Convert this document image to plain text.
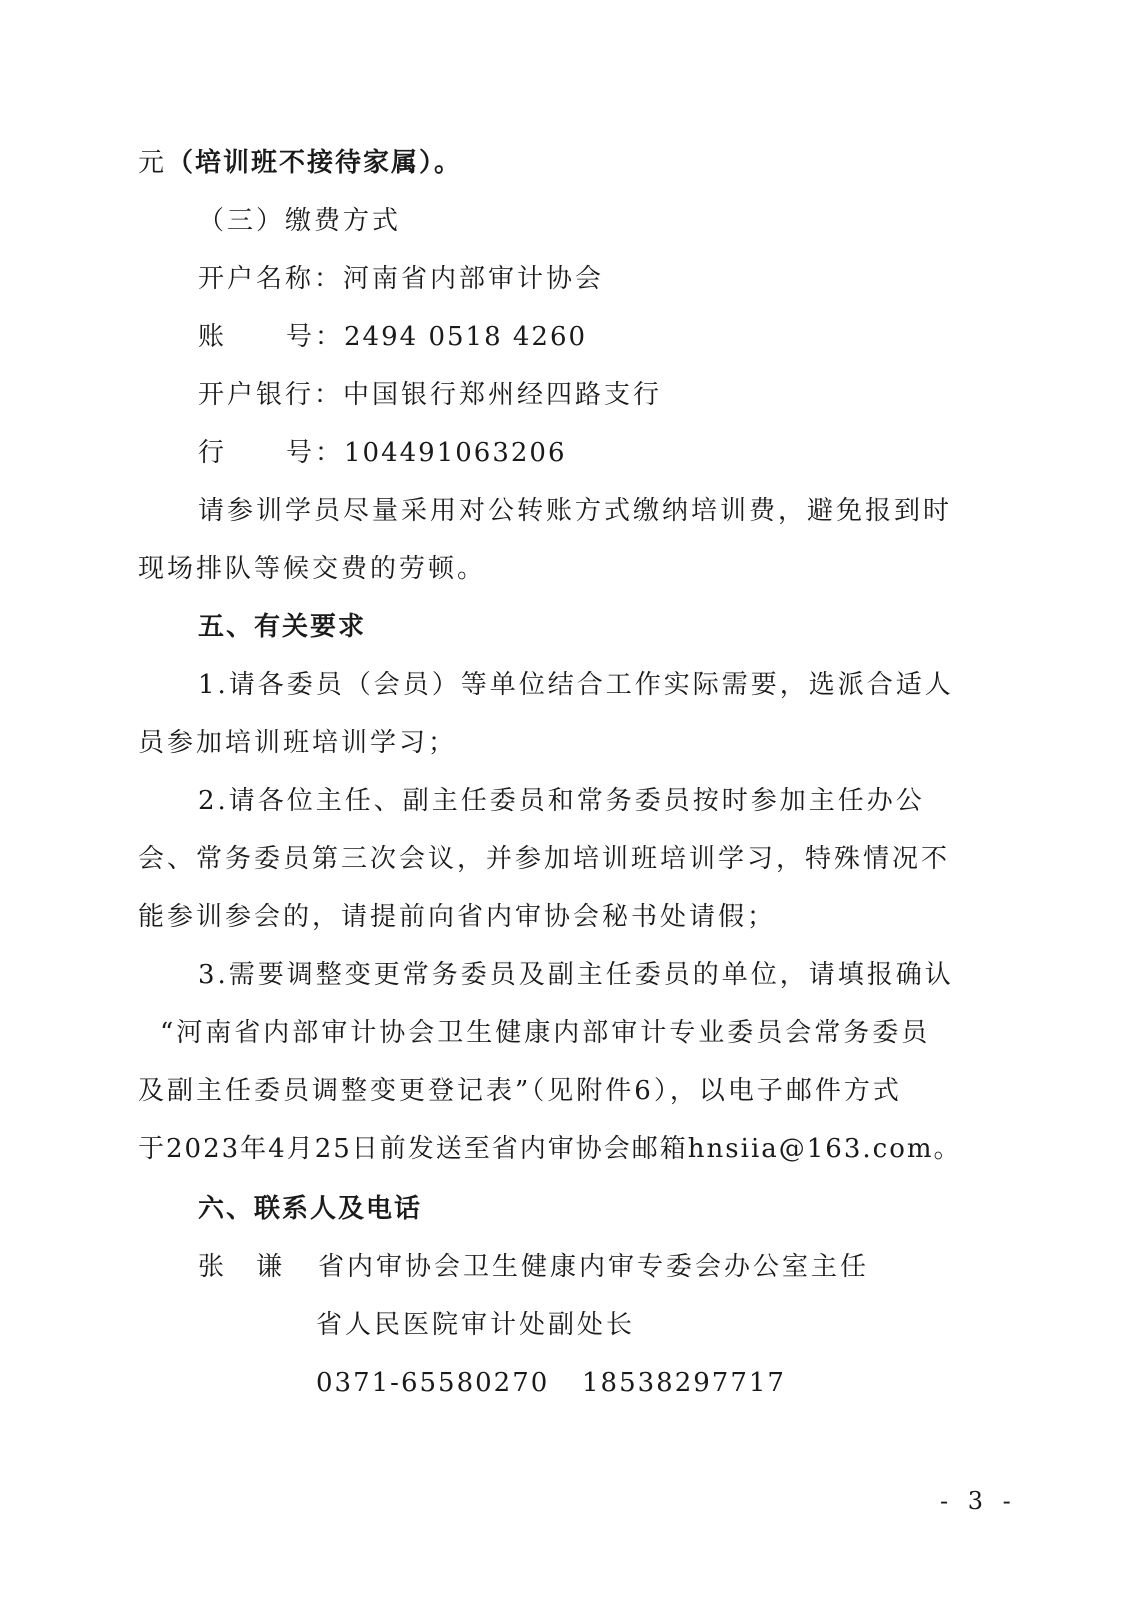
元（培训班不接待家属）。
（三）缴费方式
开户名称：河南省内部审计协会
账 号：2494 0518 4260
开户银行：中国银行郑州经四路支行
行 号：104491063206
请参训学员尽量采用对公转账方式缴纳培训费，避免报到时
现场排队等候交费的劳顿。
五、有关要求
1.请各委员（会员）等单位结合工作实际需要，选派合适人
员参加培训班培训学习；
2.请各位主任、副主任委员和常务委员按时参加主任办公
会、常务委员第三次会议，并参加培训班培训学习，特殊情况不
能参训参会的，请提前向省内审协会秘书处请假；
3.需要调整变更常务委员及副主任委员的单位，请填报确认
“河南省内部审计协会卫生健康内部审计专业委员会常务委员
及副主任委员调整变更登记表”（见附件6），以电子邮件方式
于2023年4月25日前发送至省内审协会邮箱hnsiia@163.com。
六、联系人及电话
张 谦 省内审协会卫生健康内审专委会办公室主任
省人民医院审计处副处长
0371-65580270 18538297717
- 3 -
